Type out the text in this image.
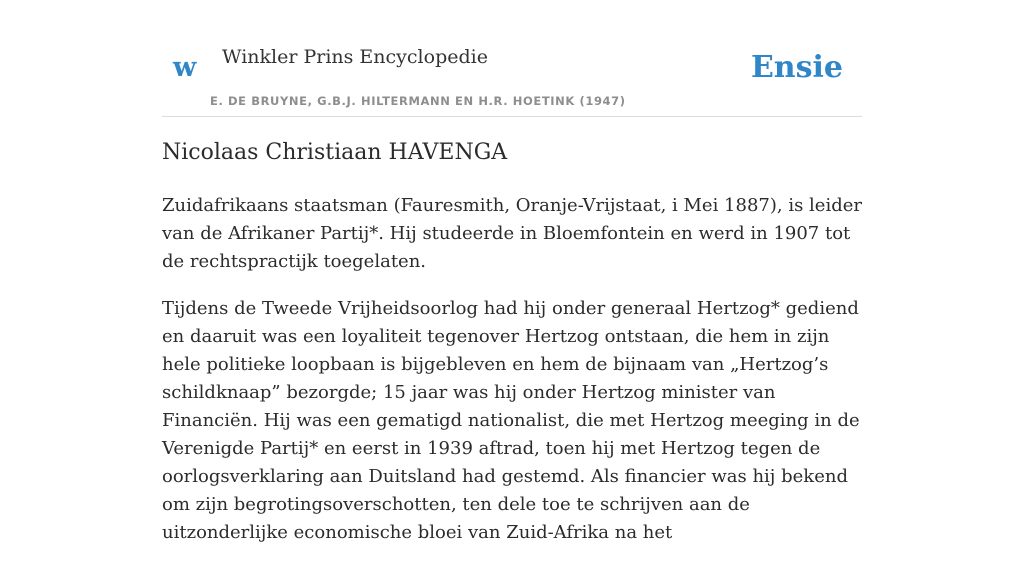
w Winkler Prins Encyclopedie
E. DE BRUYNE, G.B.J. HILTERMANN EN H.R. HOETINK (1947)
Ensie
Nicolaas Christiaan HAVENGA

Zuidafrikaans staatsman (Fauresmith, Oranje-Vrijstaat, i Mei 1887), is leider van de Afrikaner Partij*. Hij studeerde in Bloemfontein en werd in 1907 tot de rechtspractijk toegelaten.

Tijdens de Tweede Vrijheidsoorlog had hij onder generaal Hertzog* gediend en daaruit was een loyaliteit tegenover Hertzog ontstaan, die hem in zijn hele politieke loopbaan is bijgebleven en hem de bijnaam van „Hertzog’s schildknaap” bezorgde; 15 jaar was hij onder Hertzog minister van Financiën. Hij was een gematigd nationalist, die met Hertzog meeging in de Verenigde Partij* en eerst in 1939 aftrad, toen hij met Hertzog tegen de oorlogsverklaring aan Duitsland had gestemd. Als financier was hij bekend om zijn begrotingsoverschotten, ten dele toe te schrijven aan de uitzonderlijke economische bloei van Zuid-Afrika na het
